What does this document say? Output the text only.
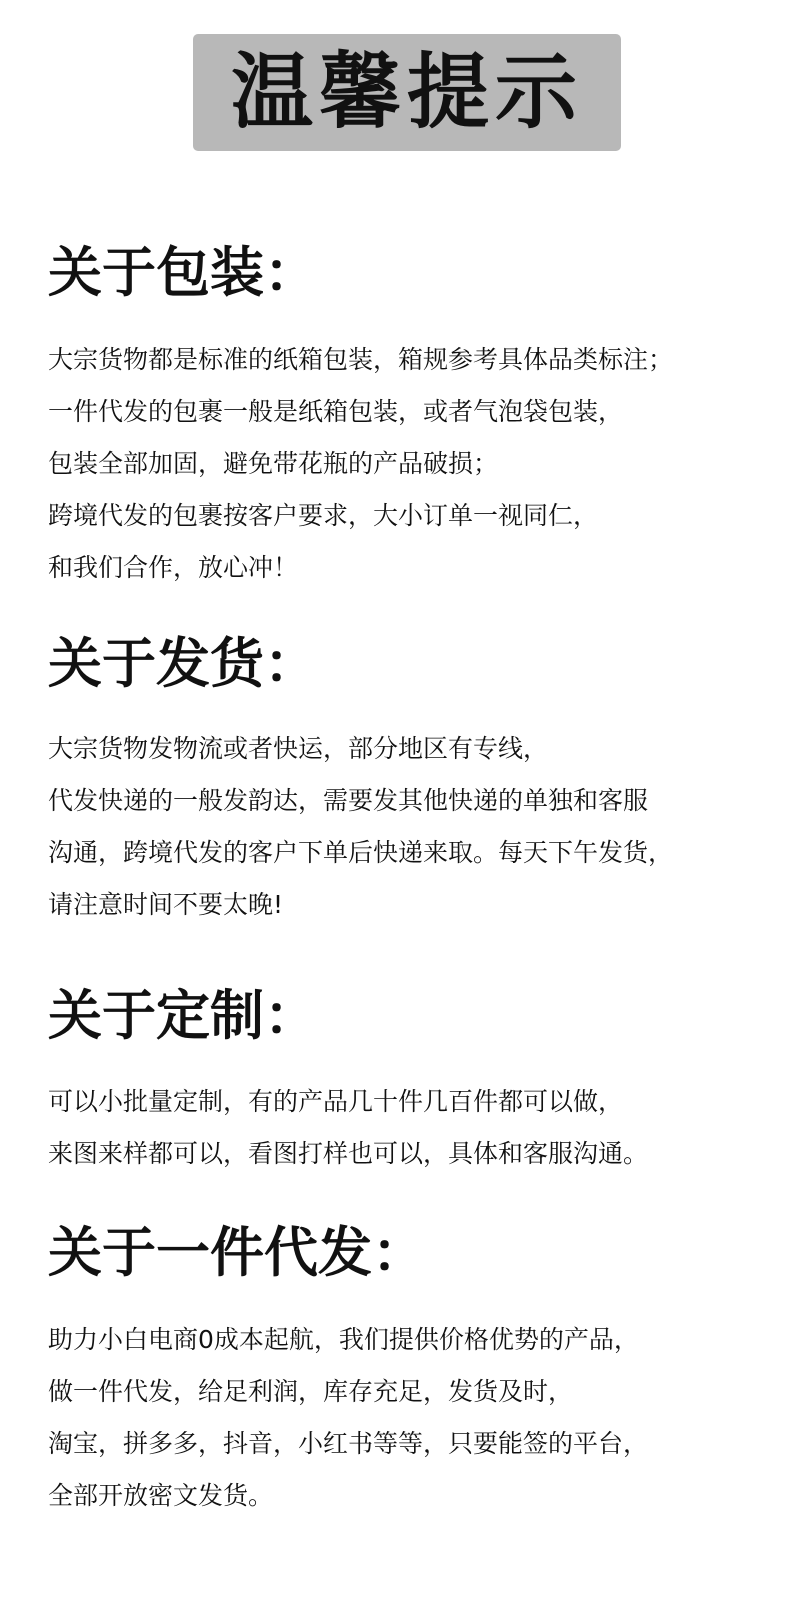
温馨提示
关于包装：
大宗货物都是标准的纸箱包装，箱规参考具体品类标注；
一件代发的包裹一般是纸箱包装，或者气泡袋包装，
包装全部加固，避免带花瓶的产品破损；
跨境代发的包裹按客户要求，大小订单一视同仁，
和我们合作，放心冲！
关于发货：
大宗货物发物流或者快运，部分地区有专线，
代发快递的一般发韵达，需要发其他快递的单独和客服
沟通，跨境代发的客户下单后快递来取。每天下午发货，
请注意时间不要太晚!
关于定制：
可以小批量定制，有的产品几十件几百件都可以做，
来图来样都可以，看图打样也可以，具体和客服沟通。
关于一件代发：
助力小白电商0成本起航，我们提供价格优势的产品，
做一件代发，给足利润，库存充足，发货及时，
淘宝，拼多多，抖音，小红书等等，只要能签的平台，
全部开放密文发货。
